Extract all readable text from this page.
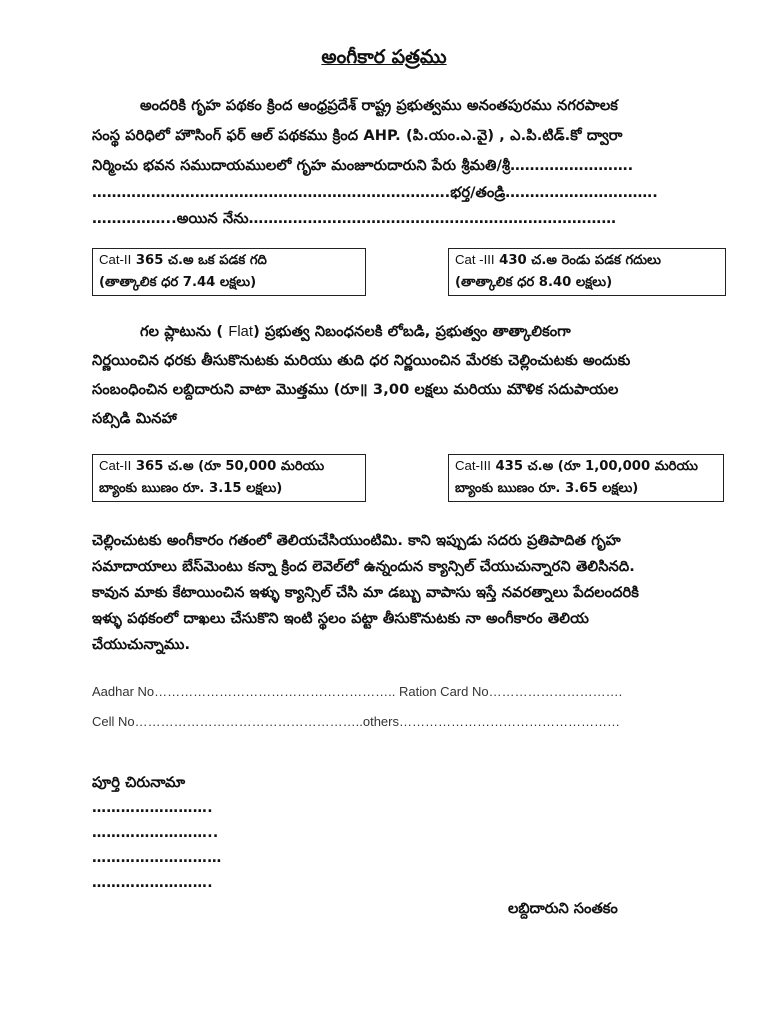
అంగీకార పత్రము
అందరికి గృహ పథకం క్రింద ఆంధ్రప్రదేశ్ రాష్ట్ర ప్రభుత్వము అనంతపురము నగరపాలక
సంస్థ పరిధిలో హౌసింగ్ ఫర్ ఆల్ పథకము క్రింద AHP. (పి.యం.ఎ.వై) , ఎ.పి.టిడ్.కో ద్వారా
నిర్మించు భవన సముదాయములలో గృహ మంజూరుదారుని పేరు శ్రీమతి/శ్రీ…………………….
……………………………………………………………….భర్త/తండ్రి………………………….
……………..అయిన నేను…………………………………………………………………
Cat-II 365 చ.అ ఒక పడక గది
(తాత్కాలిక ధర 7.44 లక్షలు)
Cat -III 430 చ.అ రెండు పడక గదులు
(తాత్కాలిక ధర 8.40 లక్షలు)
గల ప్లాటును ( Flat) ప్రభుత్వ నిబంధనలకి లోబడి, ప్రభుత్వం తాత్కాలికంగా
నిర్ణయించిన ధరకు తీసుకొనుటకు మరియు తుది ధర నిర్ణయించిన మేరకు చెల్లించుటకు అందుకు
సంబంధించిన లబ్దిదారుని వాటా మొత్తము (రూ॥ 3,00 లక్షలు మరియు మౌళిక సదుపాయల
సబ్సిడి మినహా
Cat-II 365 చ.అ (రూ 50,000 మరియు
బ్యాంకు ఋణం రూ. 3.15 లక్షలు)
Cat-III 435 చ.అ (రూ 1,00,000 మరియు
బ్యాంకు ఋణం రూ. 3.65 లక్షలు)
చెల్లించుటకు అంగీకారం గతంలో తెలియచేసియుంటిమి. కాని ఇప్పుడు సదరు ప్రతిపాదిత గృహ
సమాదాయాలు బేస్‌మెంటు కన్నా క్రింద లెవెల్‌లో ఉన్నందున క్యాన్సిల్ చేయుచున్నారని తెలిసినది.
కావున మాకు కేటాయించిన ఇళ్ళు క్యాన్సిల్ చేసి మా డబ్బు వాపాసు ఇస్తే నవరత్నాలు పేదలందరికి
ఇళ్ళు పథకంలో దాఖలు చేసుకొని ఇంటి స్థలం పట్టా తీసుకొనుటకు నా అంగీకారం తెలియ
చేయుచున్నాము.
Aadhar No……………………………………………….. Ration Card No………………………….
Cell No……………………………………………..others……………………………………………
పూర్తి చిరునామా
…………………….
……………………..
………………………
…………………….
లబ్దిదారుని సంతకం
